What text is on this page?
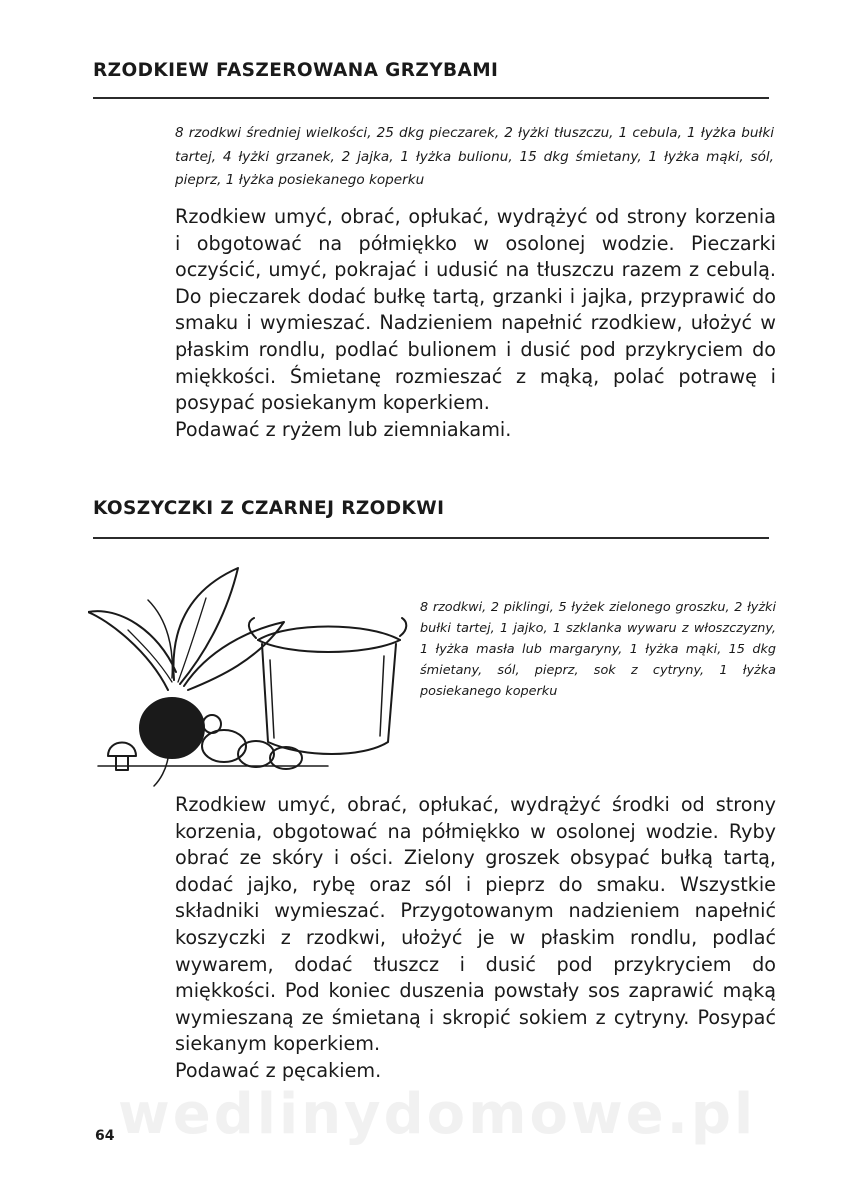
RZODKIEW FASZEROWANA GRZYBAMI

8 rzodkwi średniej wielkości, 25 dkg pieczarek, 2 łyżki tłuszczu, 1 cebula, 1 łyżka bułki tartej, 4 łyżki grzanek, 2 jajka, 1 łyżka bulionu, 15 dkg śmietany, 1 łyżka mąki, sól, pieprz, 1 łyżka posiekanego koperku

Rzodkiew umyć, obrać, opłukać, wydrążyć od strony korzenia i obgotować na półmiękko w osolonej wodzie. Pieczarki oczyścić, umyć, pokrajać i udusić na tłuszczu razem z cebulą. Do pieczarek dodać bułkę tartą, grzanki i jajka, przyprawić do smaku i wymieszać. Nadzieniem napełnić rzodkiew, ułożyć w płaskim rondlu, podlać bulionem i dusić pod przykryciem do miękkości. Śmietanę rozmieszać z mąką, polać potrawę i posypać posiekanym koperkiem.
Podawać z ryżem lub ziemniakami.
KOSZYCZKI Z CZARNEJ RZODKWI

8 rzodkwi, 2 piklingi, 5 łyżek zielonego groszku, 2 łyżki bułki tartej, 1 jajko, 1 szklanka wywaru z włoszczyzny, 1 łyżka masła lub margaryny, 1 łyżka mąki, 15 dkg śmietany, sól, pieprz, sok z cytryny, 1 łyżka posiekanego koperku

Rzodkiew umyć, obrać, opłukać, wydrążyć środki od strony korzenia, obgotować na półmiękko w osolonej wodzie. Ryby obrać ze skóry i ości. Zielony groszek obsypać bułką tartą, dodać jajko, rybę oraz sól i pieprz do smaku. Wszystkie składniki wymieszać. Przygotowanym nadzieniem napełnić koszyczki z rzodkwi, ułożyć je w płaskim rondlu, podlać wywarem, dodać tłuszcz i dusić pod przykryciem do miękkości. Pod koniec duszenia powstały sos zaprawić mąką wymieszaną ze śmietaną i skropić sokiem z cytryny. Posypać siekanym koperkiem.
Podawać z pęcakiem.

wedlinydomowe.pl

64
